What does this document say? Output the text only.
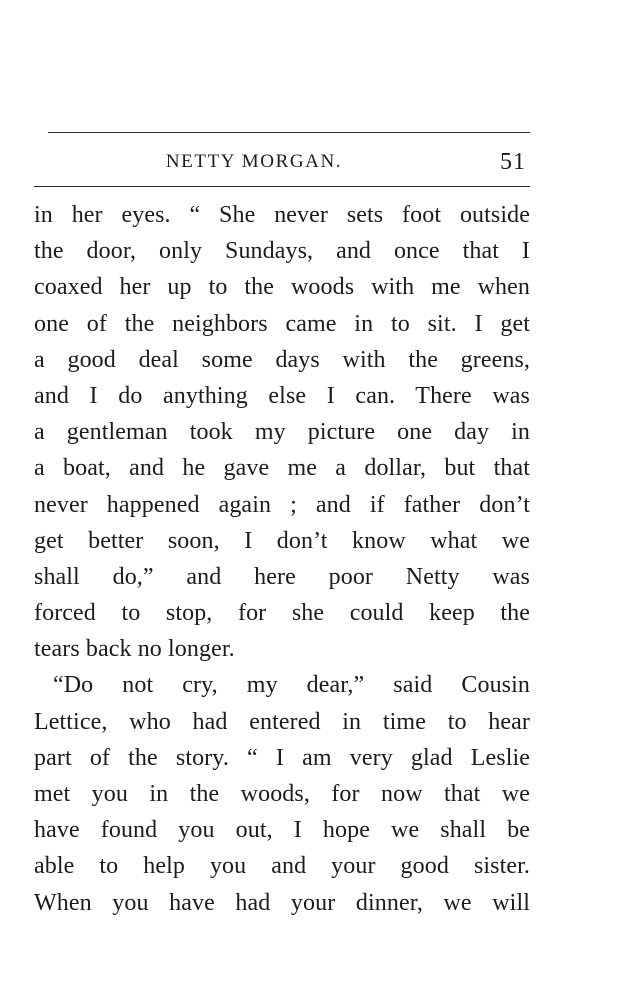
NETTY MORGAN.	51
in her eyes. “ She never sets foot outside
the door, only Sundays, and once that I
coaxed her up to the woods with me when
one of the neighbors came in to sit. I get
a good deal some days with the greens,
and I do anything else I can. There was
a gentleman took my picture one day in
a boat, and he gave me a dollar, but that
never happened again ; and if father don’t
get better soon, I don’t know what we
shall do,” and here poor Netty was
forced to stop, for she could keep the
tears back no longer.
“Do not cry, my dear,” said Cousin
Lettice, who had entered in time to hear
part of the story. “ I am very glad Leslie
met you in the woods, for now that we
have found you out, I hope we shall be
able to help you and your good sister.
When you have had your dinner, we will
